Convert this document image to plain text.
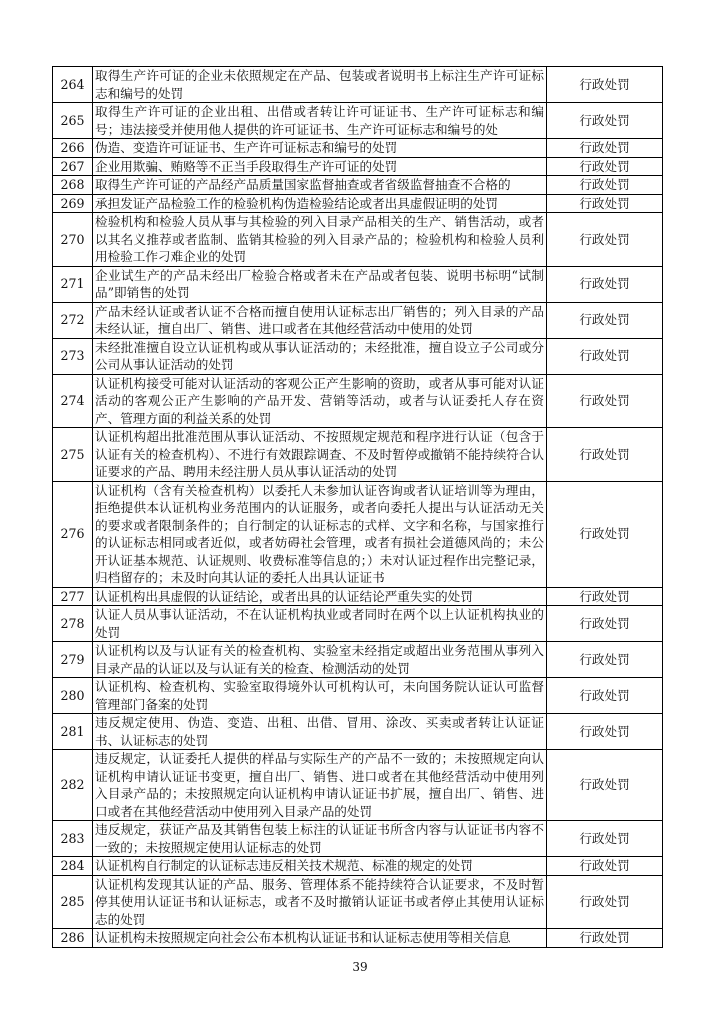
264	取得生产许可证的企业未依照规定在产品、包装或者说明书上标注生产许可证标志和编号的处罚	行政处罚
265	取得生产许可证的企业出租、出借或者转让许可证证书、生产许可证标志和编号；违法接受并使用他人提供的许可证证书、生产许可证标志和编号的处	行政处罚
266	伪造、变造许可证证书、生产许可证标志和编号的处罚	行政处罚
267	企业用欺骗、贿赂等不正当手段取得生产许可证的处罚	行政处罚
268	取得生产许可证的产品经产品质量国家监督抽查或者省级监督抽查不合格的	行政处罚
269	承担发证产品检验工作的检验机构伪造检验结论或者出具虚假证明的处罚	行政处罚
270	检验机构和检验人员从事与其检验的列入目录产品相关的生产、销售活动，或者以其名义推荐或者监制、监销其检验的列入目录产品的；检验机构和检验人员利用检验工作刁难企业的处罚	行政处罚
271	企业试生产的产品未经出厂检验合格或者未在产品或者包装、说明书标明“试制品”即销售的处罚	行政处罚
272	产品未经认证或者认证不合格而擅自使用认证标志出厂销售的；列入目录的产品未经认证，擅自出厂、销售、进口或者在其他经营活动中使用的处罚	行政处罚
273	未经批准擅自设立认证机构或从事认证活动的；未经批准，擅自设立子公司或分公司从事认证活动的处罚	行政处罚
274	认证机构接受可能对认证活动的客观公正产生影响的资助，或者从事可能对认证活动的客观公正产生影响的产品开发、营销等活动，或者与认证委托人存在资产、管理方面的利益关系的处罚	行政处罚
275	认证机构超出批准范围从事认证活动、不按照规定规范和程序进行认证（包含于认证有关的检查机构）、不进行有效跟踪调查、不及时暂停或撤销不能持续符合认证要求的产品、聘用未经注册人员从事认证活动的处罚	行政处罚
276	认证机构（含有关检查机构）以委托人未参加认证咨询或者认证培训等为理由，拒绝提供本认证机构业务范围内的认证服务，或者向委托人提出与认证活动无关的要求或者限制条件的；自行制定的认证标志的式样、文字和名称，与国家推行的认证标志相同或者近似，或者妨碍社会管理，或者有损社会道德风尚的；未公开认证基本规范、认证规则、收费标准等信息的；）未对认证过程作出完整记录，归档留存的；未及时向其认证的委托人出具认证证书	行政处罚
277	认证机构出具虚假的认证结论，或者出具的认证结论严重失实的处罚	行政处罚
278	认证人员从事认证活动，不在认证机构执业或者同时在两个以上认证机构执业的处罚	行政处罚
279	认证机构以及与认证有关的检查机构、实验室未经指定或超出业务范围从事列入目录产品的认证以及与认证有关的检查、检测活动的处罚	行政处罚
280	认证机构、检查机构、实验室取得境外认可机构认可，未向国务院认证认可监督管理部门备案的处罚	行政处罚
281	违反规定使用、伪造、变造、出租、出借、冒用、涂改、买卖或者转让认证证书、认证标志的处罚	行政处罚
282	违反规定，认证委托人提供的样品与实际生产的产品不一致的；未按照规定向认证机构申请认证证书变更，擅自出厂、销售、进口或者在其他经营活动中使用列入目录产品的；未按照规定向认证机构申请认证证书扩展，擅自出厂、销售、进口或者在其他经营活动中使用列入目录产品的处罚	行政处罚
283	违反规定，获证产品及其销售包装上标注的认证证书所含内容与认证证书内容不一致的；未按照规定使用认证标志的处罚	行政处罚
284	认证机构自行制定的认证标志违反相关技术规范、标准的规定的处罚	行政处罚
285	认证机构发现其认证的产品、服务、管理体系不能持续符合认证要求，不及时暂停其使用认证证书和认证标志，或者不及时撤销认证证书或者停止其使用认证标志的处罚	行政处罚
286	认证机构未按照规定向社会公布本机构认证证书和认证标志使用等相关信息	行政处罚
39
